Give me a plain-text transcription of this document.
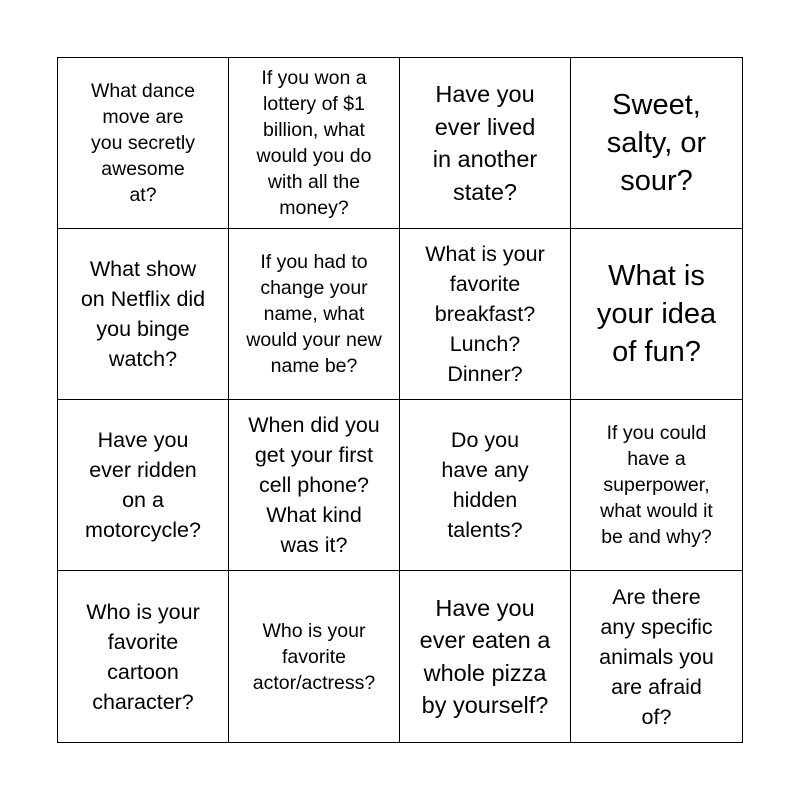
What dance
move are
you secretly
awesome
at?
If you won a
lottery of $1
billion, what
would you do
with all the
money?
Have you
ever lived
in another
state?
Sweet,
salty, or
sour?
What show
on Netflix did
you binge
watch?
If you had to
change your
name, what
would your new
name be?
What is your
favorite
breakfast?
Lunch?
Dinner?
What is
your idea
of fun?
Have you
ever ridden
on a
motorcycle?
When did you
get your first
cell phone?
What kind
was it?
Do you
have any
hidden
talents?
If you could
have a
superpower,
what would it
be and why?
Who is your
favorite
cartoon
character?
Who is your
favorite
actor/actress?
Have you
ever eaten a
whole pizza
by yourself?
Are there
any specific
animals you
are afraid
of?
